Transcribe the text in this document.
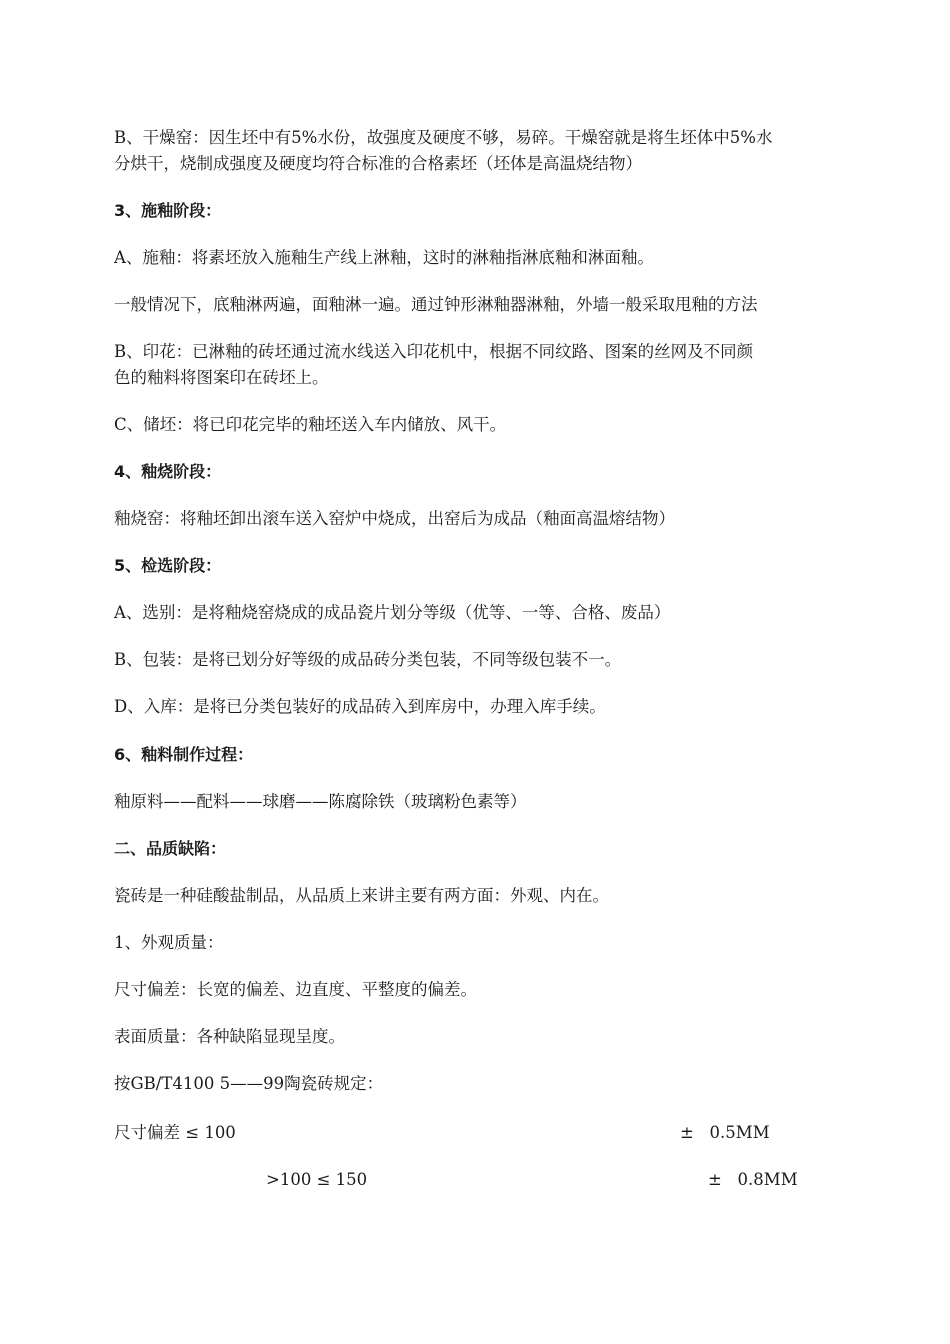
B、干燥窑：因生坯中有5%水份，故强度及硬度不够，易碎。干燥窑就是将生坯体中5%水
分烘干，烧制成强度及硬度均符合标准的合格素坯（坯体是高温烧结物）
3、施釉阶段：
A、施釉：将素坯放入施釉生产线上淋釉，这时的淋釉指淋底釉和淋面釉。
一般情况下，底釉淋两遍，面釉淋一遍。通过钟形淋釉器淋釉，外墙一般采取甩釉的方法
B、印花：已淋釉的砖坯通过流水线送入印花机中，根据不同纹路、图案的丝网及不同颜
色的釉料将图案印在砖坯上。
C、储坯：将已印花完毕的釉坯送入车内储放、风干。
4、釉烧阶段：
釉烧窑：将釉坯卸出滚车送入窑炉中烧成，出窑后为成品（釉面高温熔结物）
5、检选阶段：
A、选别：是将釉烧窑烧成的成品瓷片划分等级（优等、一等、合格、废品）
B、包装：是将已划分好等级的成品砖分类包装，不同等级包装不一。
D、入库：是将已分类包装好的成品砖入到库房中，办理入库手续。
6、釉料制作过程：
釉原料——配料——球磨——陈腐除铁（玻璃粉色素等）
二、品质缺陷：
瓷砖是一种硅酸盐制品，从品质上来讲主要有两方面：外观、内在。
1、外观质量：
尺寸偏差：长宽的偏差、边直度、平整度的偏差。
表面质量：各种缺陷显现呈度。
按GB/T4100 5——99陶瓷砖规定：
尺寸偏差 ≤ 100	±   0.5MM
>100 ≤ 150	±   0.8MM
